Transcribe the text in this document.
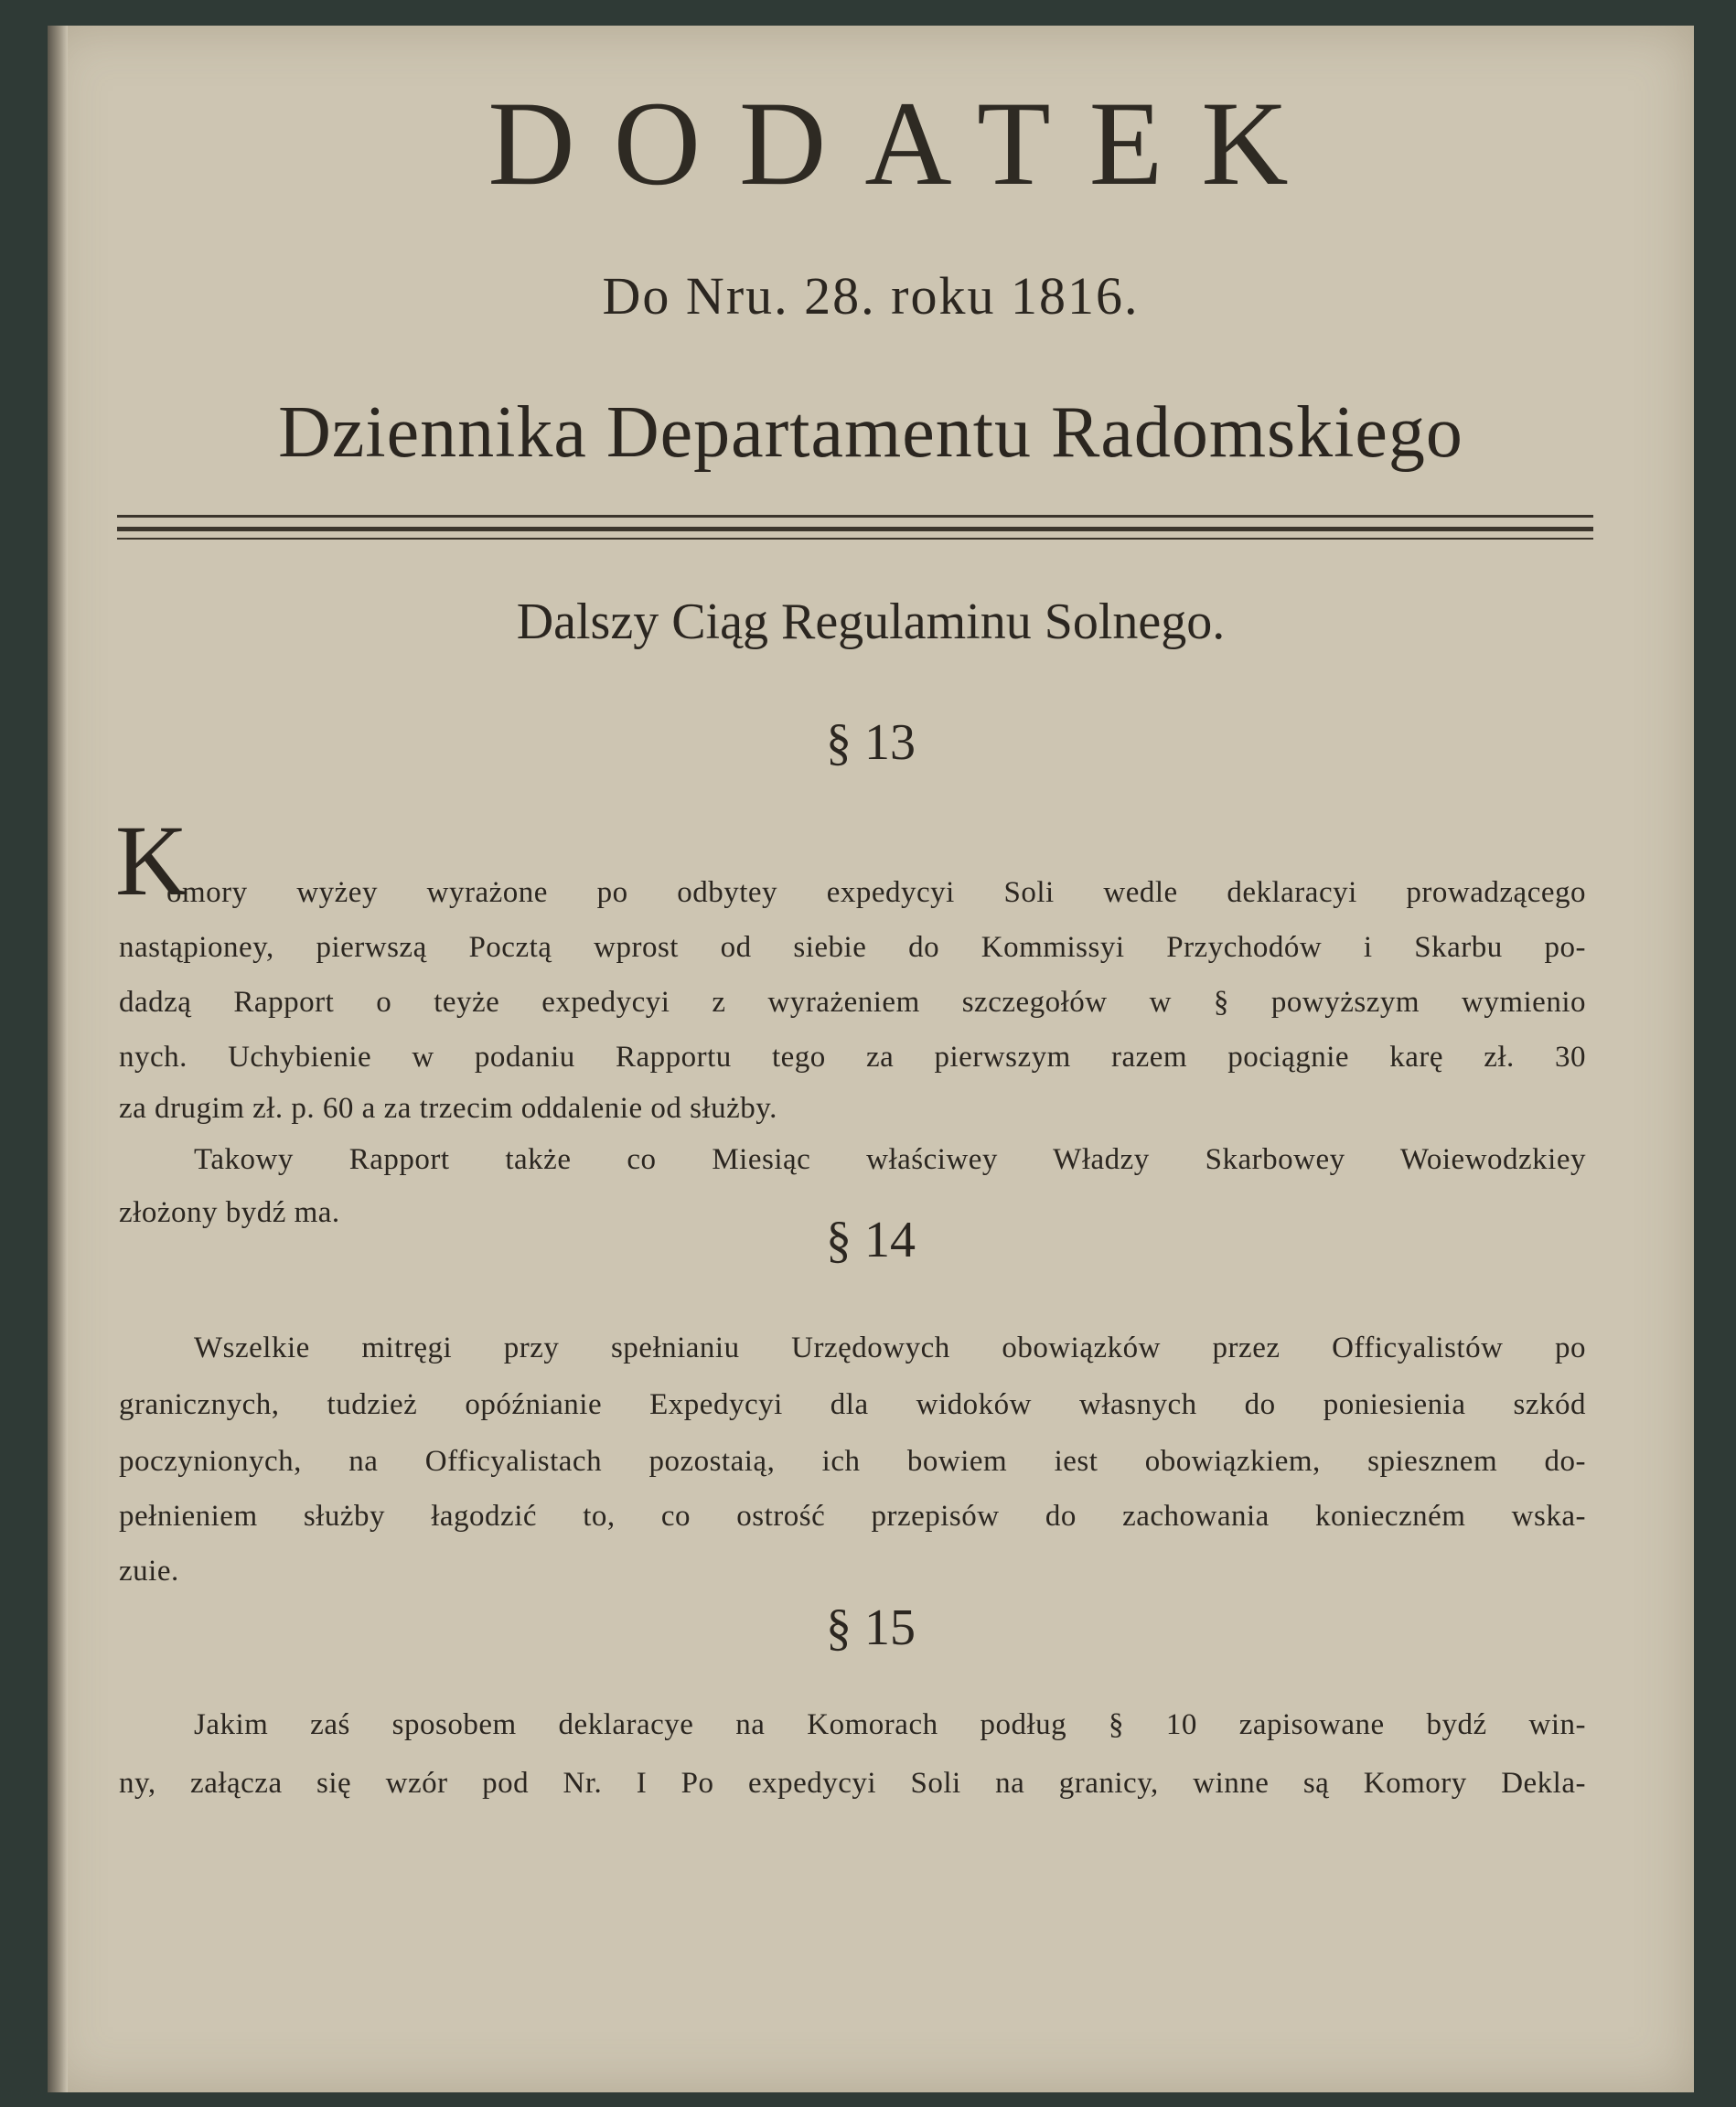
DODATEK
Do Nru. 28. roku 1816.
Dziennika Departamentu Radomskiego
Dalszy Ciąg Regulaminu Solnego.
§ 13
K
omory wyżey wyrażone po odbytey expedycyi Soli wedle deklaracyi prowadzącego
nastąpioney, pierwszą Pocztą wprost od siebie do Kommissyi Przychodów i Skarbu po-
dadzą Rapport o teyże expedycyi z wyrażeniem szczegołów w § powyższym wymienio
nych. Uchybienie w podaniu Rapportu tego za pierwszym razem pociągnie karę zł. 30
za drugim zł. p. 60 a za trzecim oddalenie od służby.
Takowy Rapport także co Miesiąc właściwey Władzy Skarbowey Woiewodzkiey
złożony bydź ma.	§ 14
Wszelkie mitręgi przy spełnianiu Urzędowych obowiązków przez Officyalistów po
granicznych, tudzież opóźnianie Expedycyi dla widoków własnych do poniesienia szkód
poczynionych, na Officyalistach pozostaią, ich bowiem iest obowiązkiem, spiesznem do-
pełnieniem służby łagodzić to, co ostrość przepisów do zachowania konieczném wska-
zuie.
§ 15
Jakim zaś sposobem deklaracye na Komorach podług § 10 zapisowane bydź win-
ny, załącza się wzór pod Nr. I Po expedycyi Soli na granicy, winne są Komory Dekla-
